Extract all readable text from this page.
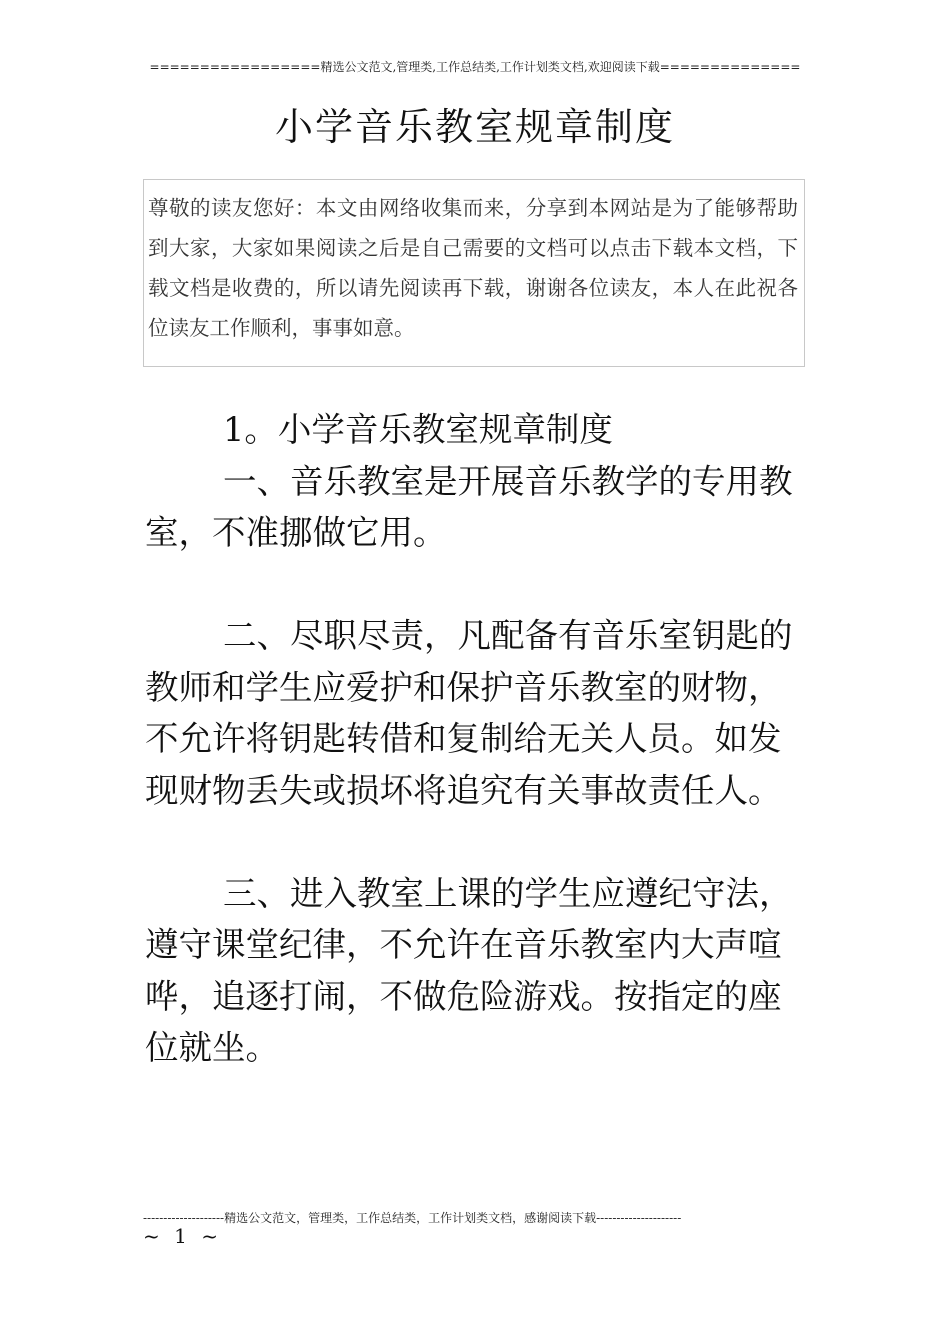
=================精选公文范文,管理类,工作总结类,工作计划类文档,欢迎阅读下载==============
小学音乐教室规章制度
尊敬的读友您好：本文由网络收集而来，分享到本网站是为了能够帮助到大家，大家如果阅读之后是自己需要的文档可以点击下载本文档，下载文档是收费的，所以请先阅读再下载，谢谢各位读友，本人在此祝各位读友工作顺利，事事如意。

1。小学音乐教室规章制度

一、音乐教室是开展音乐教学的专用教室，不准挪做它用。

二、尽职尽责，凡配备有音乐室钥匙的教师和学生应爱护和保护音乐教室的财物，不允许将钥匙转借和复制给无关人员。如发现财物丢失或损坏将追究有关事故责任人。

三、进入教室上课的学生应遵纪守法，遵守课堂纪律，不允许在音乐教室内大声喧哗，追逐打闹，不做危险游戏。按指定的座位就坐。

--------------------精选公文范文，管理类，工作总结类，工作计划类文档，感谢阅读下载---------------------
~ 1 ~
